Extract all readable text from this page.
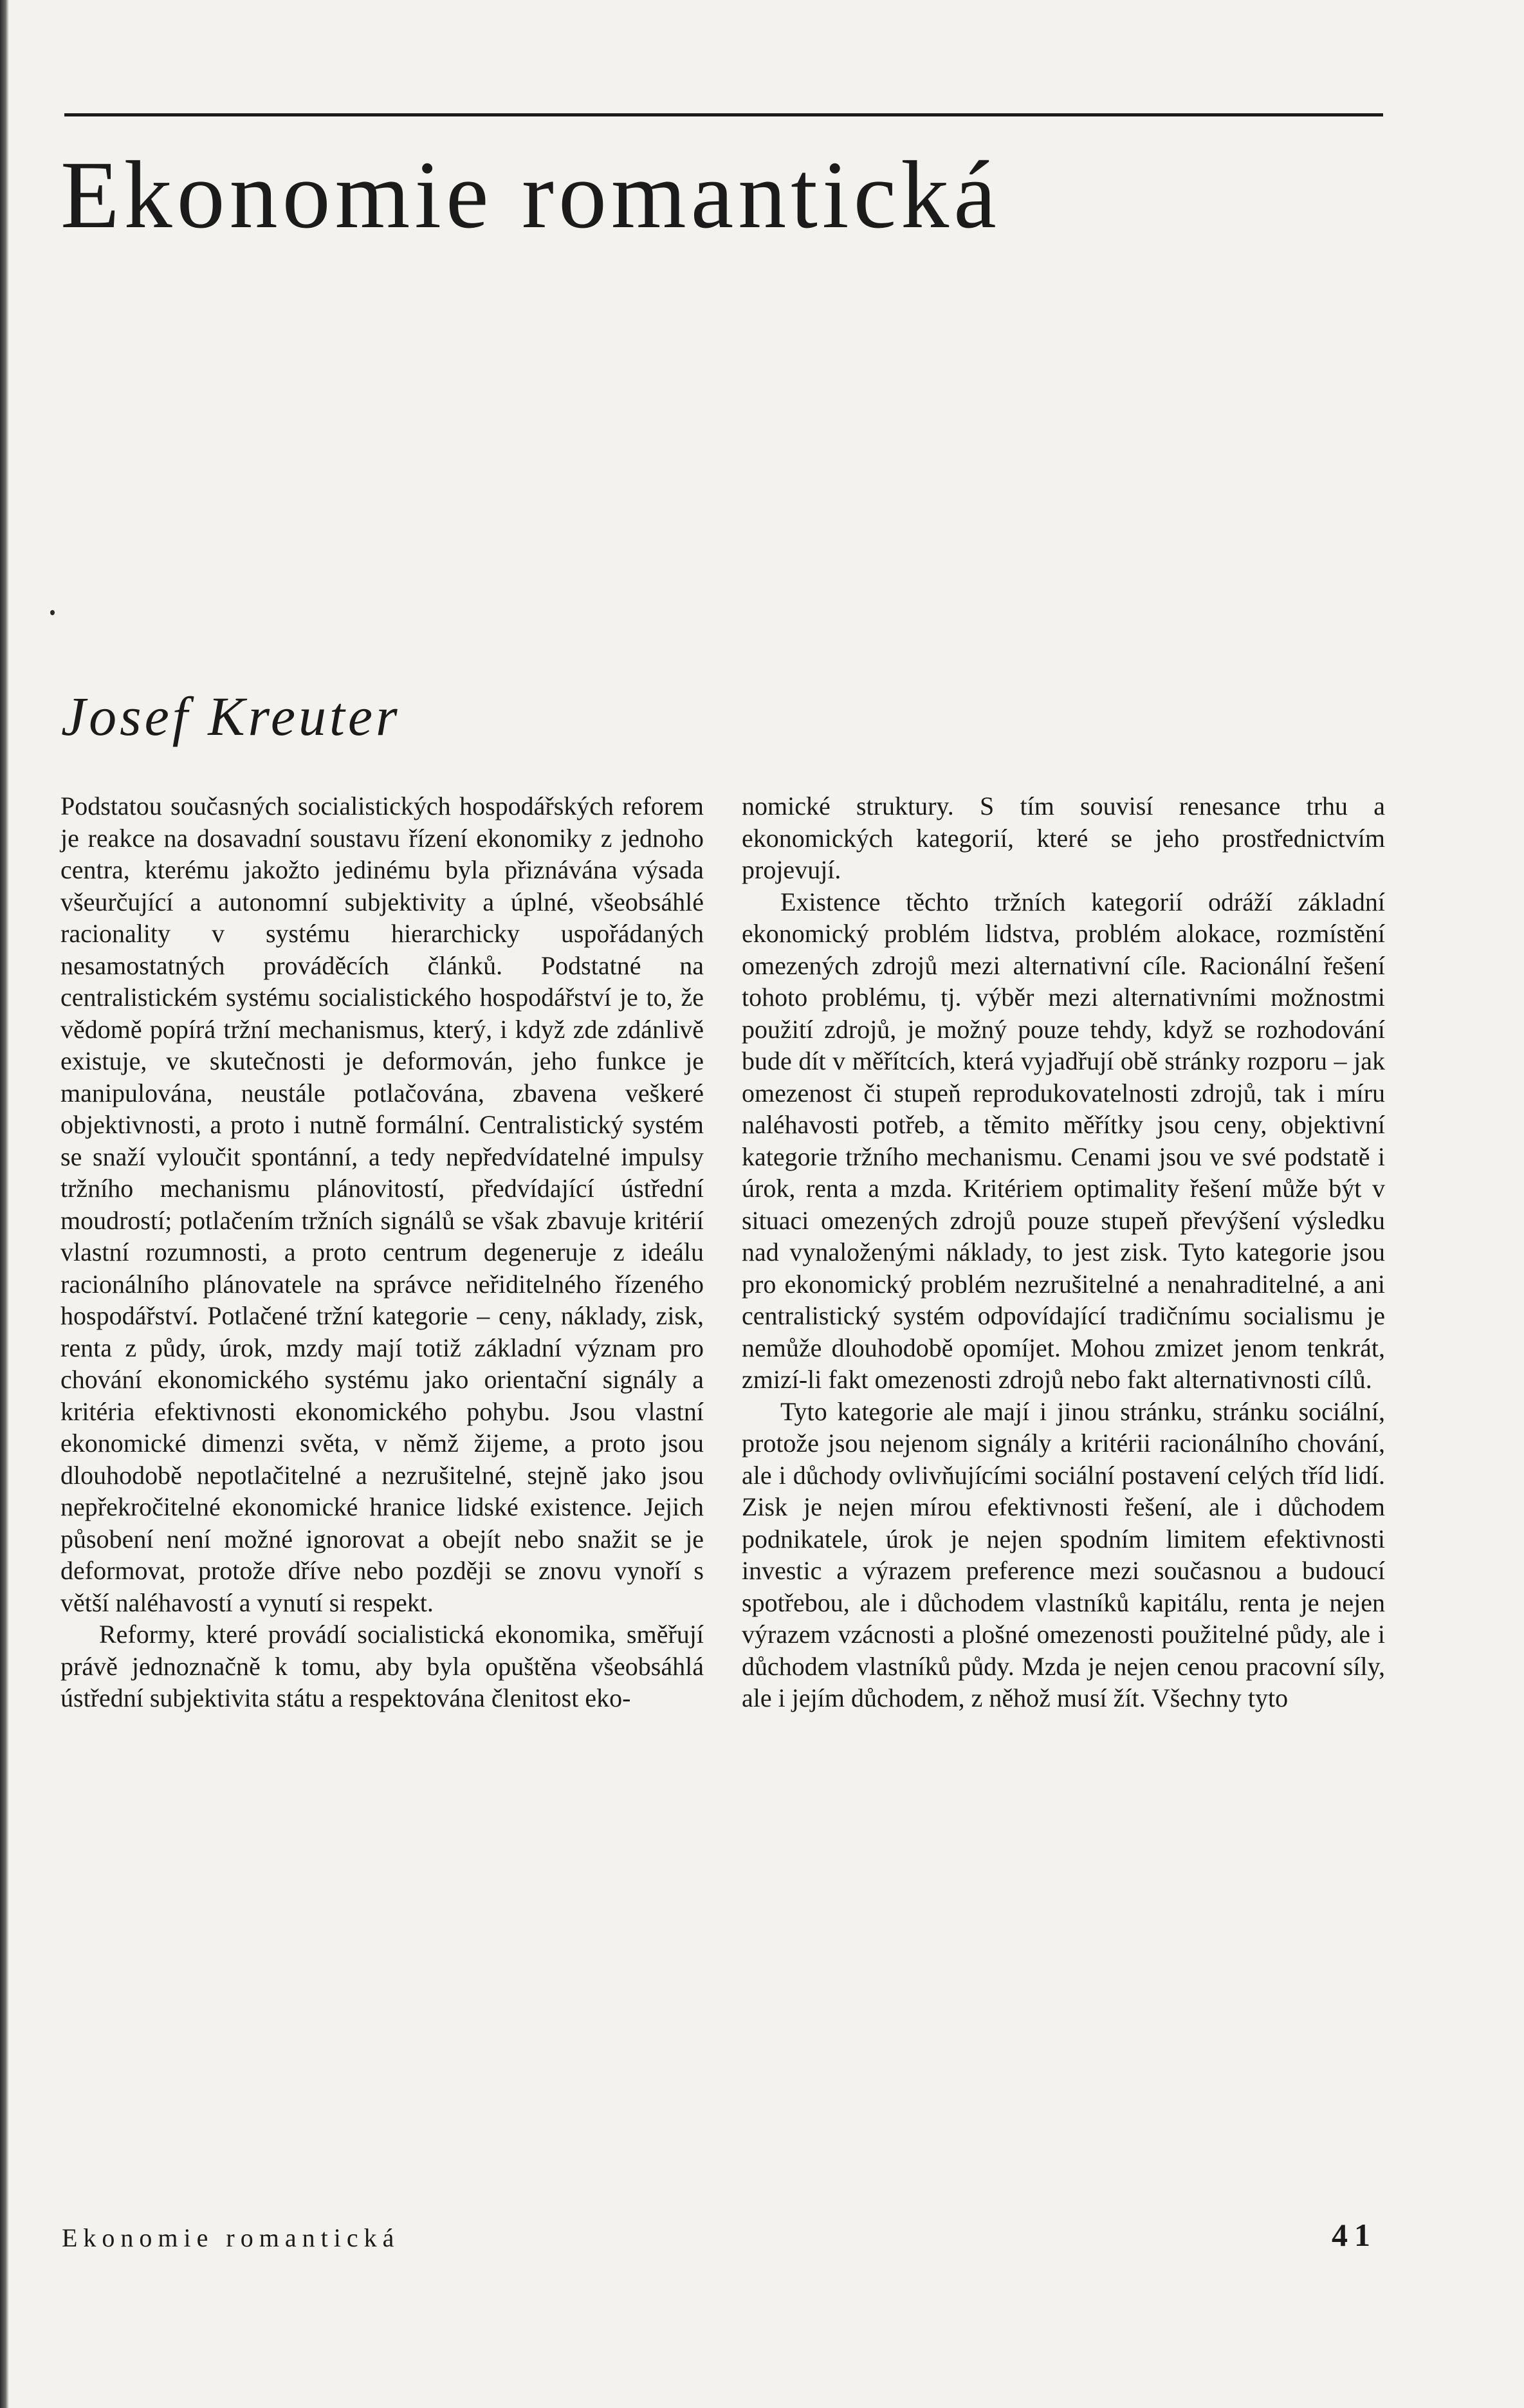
Ekonomie romantická
Josef Kreuter

Podstatou současných socialistických hospodářských reforem je reakce na dosavadní soustavu řízení ekonomiky z jednoho centra, kterému jakožto jedinému byla přiznávána výsada všeurčující a autonomní subjektivity a úplné, všeobsáhlé racionality v systému hierarchicky uspořádaných nesamostatných prováděcích článků. Podstatné na centralistickém systému socialistického hospodářství je to, že vědomě popírá tržní mechanismus, který, i když zde zdánlivě existuje, ve skutečnosti je deformován, jeho funkce je manipulována, neustále potlačována, zbavena veškeré objektivnosti, a proto i nutně formální. Centralistický systém se snaží vyloučit spontánní, a tedy nepředvídatelné impulsy tržního mechanismu plánovitostí, předvídající ústřední moudrostí; potlačením tržních signálů se však zbavuje kritérií vlastní rozumnosti, a proto centrum degeneruje z ideálu racionálního plánovatele na správce neřiditelného řízeného hospodářství. Potlačené tržní kategorie – ceny, náklady, zisk, renta z půdy, úrok, mzdy mají totiž základní význam pro chování ekonomického systému jako orientační signály a kritéria efektivnosti ekonomického pohybu. Jsou vlastní ekonomické dimenzi světa, v němž žijeme, a proto jsou dlouhodobě nepotlačitelné a nezrušitelné, stejně jako jsou nepřekročitelné ekonomické hranice lidské existence. Jejich působení není možné ignorovat a obejít nebo snažit se je deformovat, protože dříve nebo později se znovu vynoří s větší naléhavostí a vynutí si respekt.

Reformy, které provádí socialistická ekonomika, směřují právě jednoznačně k tomu, aby byla opuštěna všeobsáhlá ústřední subjektivita státu a respektována členitost eko-

nomické struktury. S tím souvisí renesance trhu a ekonomických kategorií, které se jeho prostřednictvím projevují.

Existence těchto tržních kategorií odráží základní ekonomický problém lidstva, problém alokace, rozmístění omezených zdrojů mezi alternativní cíle. Racionální řešení tohoto problému, tj. výběr mezi alternativními možnostmi použití zdrojů, je možný pouze tehdy, když se rozhodování bude dít v měřítcích, která vyjadřují obě stránky rozporu – jak omezenost či stupeň reprodukovatelnosti zdrojů, tak i míru naléhavosti potřeb, a těmito měřítky jsou ceny, objektivní kategorie tržního mechanismu. Cenami jsou ve své podstatě i úrok, renta a mzda. Kritériem optimality řešení může být v situaci omezených zdrojů pouze stupeň převýšení výsledku nad vynaloženými náklady, to jest zisk. Tyto kategorie jsou pro ekonomický problém nezrušitelné a nenahraditelné, a ani centralistický systém odpovídající tradičnímu socialismu je nemůže dlouhodobě opomíjet. Mohou zmizet jenom tenkrát, zmizí-li fakt omezenosti zdrojů nebo fakt alternativnosti cílů.

Tyto kategorie ale mají i jinou stránku, stránku sociální, protože jsou nejenom signály a kritérii racionálního chování, ale i důchody ovlivňujícími sociální postavení celých tříd lidí. Zisk je nejen mírou efektivnosti řešení, ale i důchodem podnikatele, úrok je nejen spodním limitem efektivnosti investic a výrazem preference mezi současnou a budoucí spotřebou, ale i důchodem vlastníků kapitálu, renta je nejen výrazem vzácnosti a plošné omezenosti použitelné půdy, ale i důchodem vlastníků půdy. Mzda je nejen cenou pracovní síly, ale i jejím důchodem, z něhož musí žít. Všechny tyto

Ekonomie romantická	41
